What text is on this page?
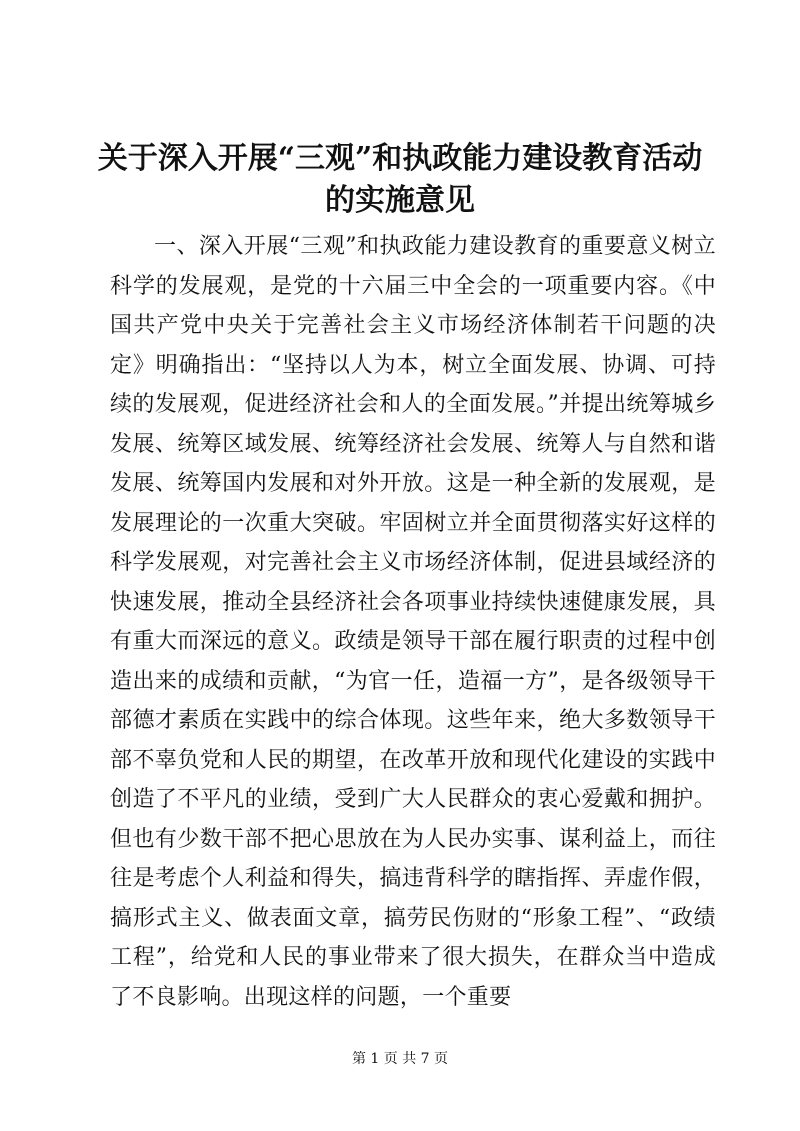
关于深入开展“三观”和执政能力建设教育活动的实施意见

一、深入开展“三观”和执政能力建设教育的重要意义树立科学的发展观，是党的十六届三中全会的一项重要内容。《中国共产党中央关于完善社会主义市场经济体制若干问题的决定》明确指出：“坚持以人为本，树立全面发展、协调、可持续的发展观，促进经济社会和人的全面发展。”并提出统筹城乡发展、统筹区域发展、统筹经济社会发展、统筹人与自然和谐发展、统筹国内发展和对外开放。这是一种全新的发展观，是发展理论的一次重大突破。牢固树立并全面贯彻落实好这样的科学发展观，对完善社会主义市场经济体制，促进县域经济的快速发展，推动全县经济社会各项事业持续快速健康发展，具有重大而深远的意义。政绩是领导干部在履行职责的过程中创造出来的成绩和贡献，“为官一任，造福一方”，是各级领导干部德才素质在实践中的综合体现。这些年来，绝大多数领导干部不辜负党和人民的期望，在改革开放和现代化建设的实践中创造了不平凡的业绩，受到广大人民群众的衷心爱戴和拥护。但也有少数干部不把心思放在为人民办实事、谋利益上，而往往是考虑个人利益和得失，搞违背科学的瞎指挥、弄虚作假，搞形式主义、做表面文章，搞劳民伤财的“形象工程”、“政绩工程”，给党和人民的事业带来了很大损失，在群众当中造成了不良影响。出现这样的问题，一个重要

第 1 页 共 7 页
